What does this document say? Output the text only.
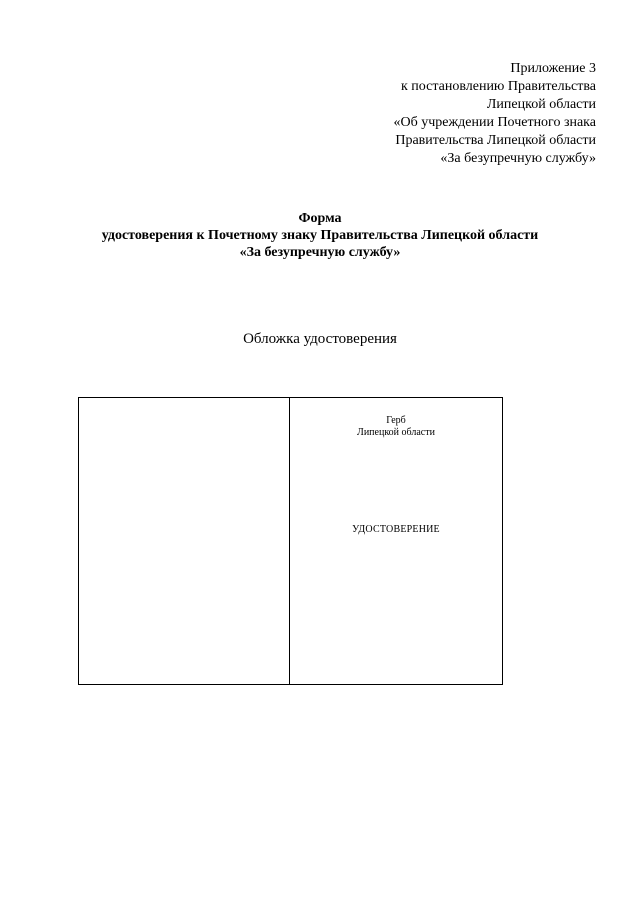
Приложение 3
к постановлению Правительства
Липецкой области
«Об учреждении Почетного знака
Правительства Липецкой области
«За безупречную службу»
Форма
удостоверения к Почетному знаку Правительства Липецкой области
«За безупречную службу»
Обложка удостоверения
Герб
Липецкой области
УДОСТОВЕРЕНИЕ
